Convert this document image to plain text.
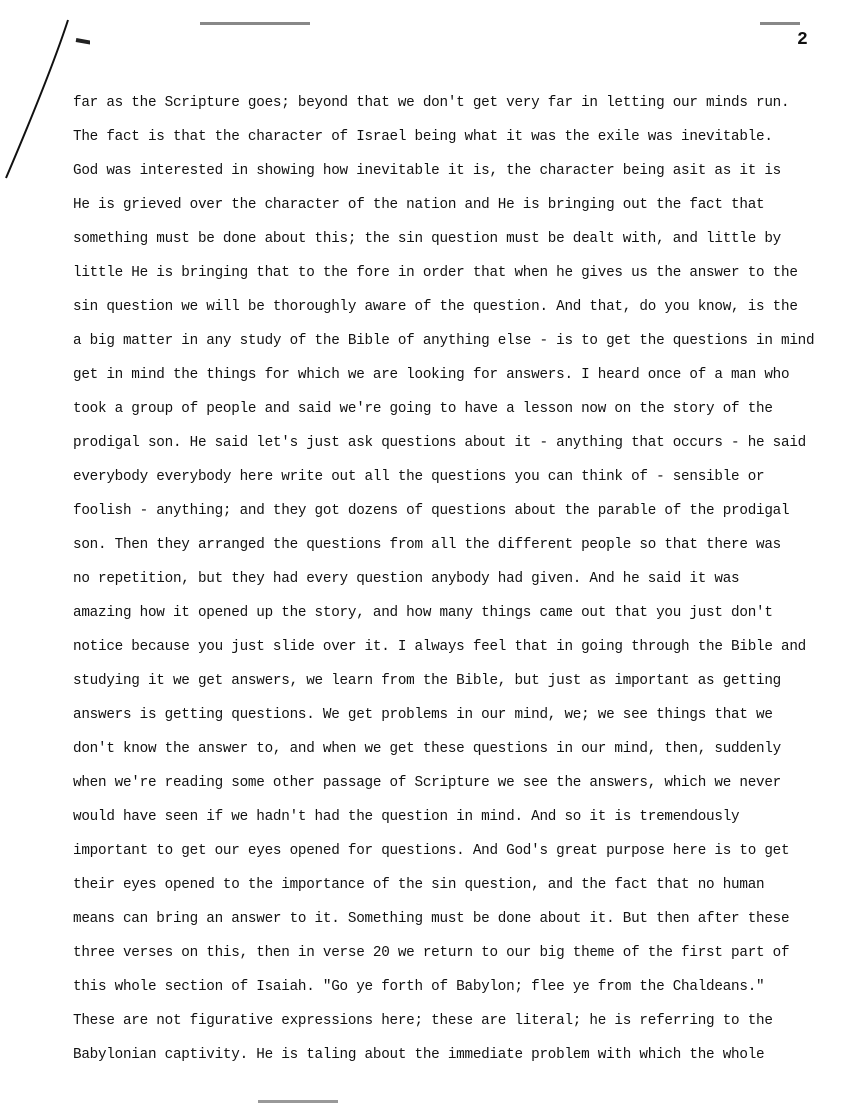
2
far as the Scripture goes; beyond that we don't get very far in letting our minds run.
The fact is that the character of Israel being what it was the exile was inevitable.
God was interested in showing how inevitable it is, the character being asit as it is
He is grieved over the character of the nation and He is bringing out the fact that
something must be done about this; the sin question must be dealt with, and little by
little He is bringing that to the fore in order that when he gives us the answer to the
sin question we will be thoroughly aware of the question. And that, do you know, is the
a big matter in any study of the Bible of anything else - is to get the questions in mind
get in mind the things for which we are looking for answers. I heard once of a man who
took a group of people and said we're going to have a lesson now on the story of the
prodigal son. He said let's just ask questions about it - anything that occurs - he said
everybody everybody here write out all the questions you can think of - sensible or
foolish - anything; and they got dozens of questions about the parable of the prodigal
son. Then they arranged the questions from all the different people so that there was
no repetition, but they had every question anybody had given. And he said it was
amazing how it opened up the story, and how many things came out that you just don't
notice because you just slide over it. I always feel that in going through the Bible and
studying it we get answers, we learn from the Bible, but just as important as getting
answers is getting questions. We get problems in our mind, we; we see things that we
don't know the answer to, and when we get these questions in our mind, then, suddenly
when we're reading some other passage of Scripture we see the answers, which we never
would have seen if we hadn't had the question in mind. And so it is tremendously
important to get our eyes opened for questions. And God's great purpose here is to get
their eyes opened to the importance of the sin question, and the fact that no human
means can bring an answer to it. Something must be done about it. But then after these
three verses on this, then in verse 20 we return to our big theme of the first part of
this whole section of Isaiah. "Go ye forth of Babylon; flee ye from the Chaldeans."
These are not figurative expressions here; these are literal; he is referring to the
Babylonian captivity. He is taling about the immediate problem with which the whole
